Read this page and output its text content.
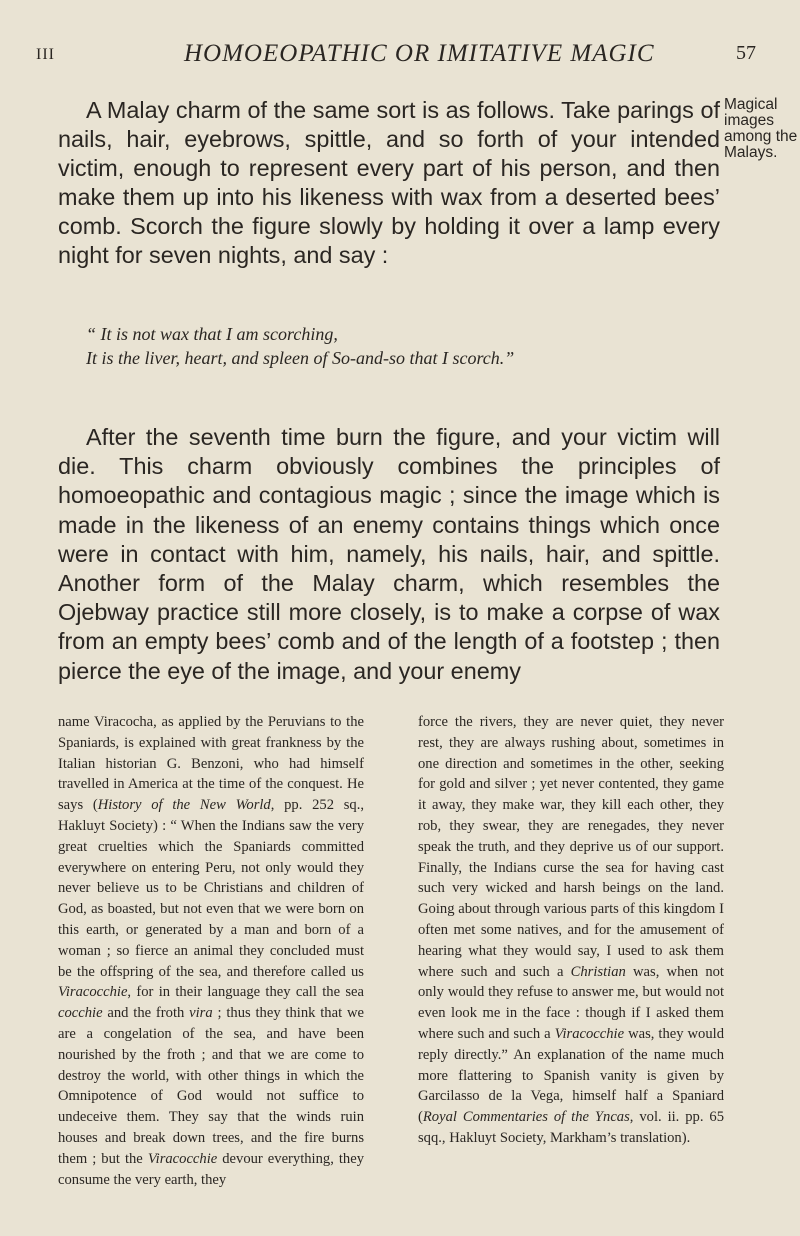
III	HOMOEOPATHIC OR IMITATIVE MAGIC	57
Magical
images
among the
Malays.

A Malay charm of the same sort is as follows. Take parings of nails, hair, eyebrows, spittle, and so forth of your intended victim, enough to represent every part of his person, and then make them up into his likeness with wax from a deserted bees’ comb. Scorch the figure slowly by holding it over a lamp every night for seven nights, and say :

“ It is not wax that I am scorching,
It is the liver, heart, and spleen of So-and-so that I scorch.”

After the seventh time burn the figure, and your victim will die. This charm obviously combines the principles of homoeopathic and contagious magic ; since the image which is made in the likeness of an enemy contains things which once were in contact with him, namely, his nails, hair, and spittle. Another form of the Malay charm, which resembles the Ojebway practice still more closely, is to make a corpse of wax from an empty bees’ comb and of the length of a footstep ; then pierce the eye of the image, and your enemy

name Viracocha, as applied by the Peruvians to the Spaniards, is explained with great frankness by the Italian historian G. Benzoni, who had himself travelled in America at the time of the conquest. He says (History of the New World, pp. 252 sq., Hakluyt Society) : “ When the Indians saw the very great cruelties which the Spaniards committed everywhere on entering Peru, not only would they never believe us to be Christians and children of God, as boasted, but not even that we were born on this earth, or generated by a man and born of a woman ; so fierce an animal they concluded must be the offspring of the sea, and therefore called us Viracocchie, for in their language they call the sea cocchie and the froth vira ; thus they think that we are a congelation of the sea, and have been nourished by the froth ; and that we are come to destroy the world, with other things in which the Omnipotence of God would not suffice to undeceive them. They say that the winds ruin houses and break down trees, and the fire burns them ; but the Viracocchie devour everything, they consume the very earth, they

force the rivers, they are never quiet, they never rest, they are always rushing about, sometimes in one direction and sometimes in the other, seeking for gold and silver ; yet never contented, they game it away, they make war, they kill each other, they rob, they swear, they are renegades, they never speak the truth, and they deprive us of our support. Finally, the Indians curse the sea for having cast such very wicked and harsh beings on the land. Going about through various parts of this kingdom I often met some natives, and for the amusement of hearing what they would say, I used to ask them where such and such a Christian was, when not only would they refuse to answer me, but would not even look me in the face : though if I asked them where such and such a Viracocchie was, they would reply directly.” An explanation of the name much more flattering to Spanish vanity is given by Garcilasso de la Vega, himself half a Spaniard (Royal Commentaries of the Yncas, vol. ii. pp. 65 sqq., Hakluyt Society, Markham’s translation).
